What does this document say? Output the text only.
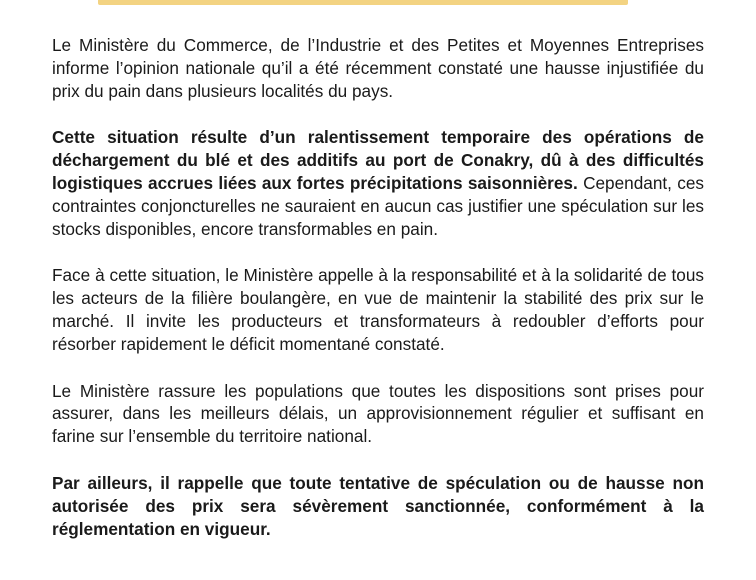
Le Ministère du Commerce, de l’Industrie et des Petites et Moyennes Entreprises informe l’opinion nationale qu’il a été récemment constaté une hausse injustifiée du prix du pain dans plusieurs localités du pays.

Cette situation résulte d’un ralentissement temporaire des opérations de déchargement du blé et des additifs au port de Conakry, dû à des difficultés logistiques accrues liées aux fortes précipitations saisonnières. Cependant, ces contraintes conjoncturelles ne sauraient en aucun cas justifier une spéculation sur les stocks disponibles, encore transformables en pain.

Face à cette situation, le Ministère appelle à la responsabilité et à la solidarité de tous les acteurs de la filière boulangère, en vue de maintenir la stabilité des prix sur le marché. Il invite les producteurs et transformateurs à redoubler d’efforts pour résorber rapidement le déficit momentané constaté.

Le Ministère rassure les populations que toutes les dispositions sont prises pour assurer, dans les meilleurs délais, un approvisionnement régulier et suffisant en farine sur l’ensemble du territoire national.

Par ailleurs, il rappelle que toute tentative de spéculation ou de hausse non autorisée des prix sera sévèrement sanctionnée, conformément à la réglementation en vigueur.
